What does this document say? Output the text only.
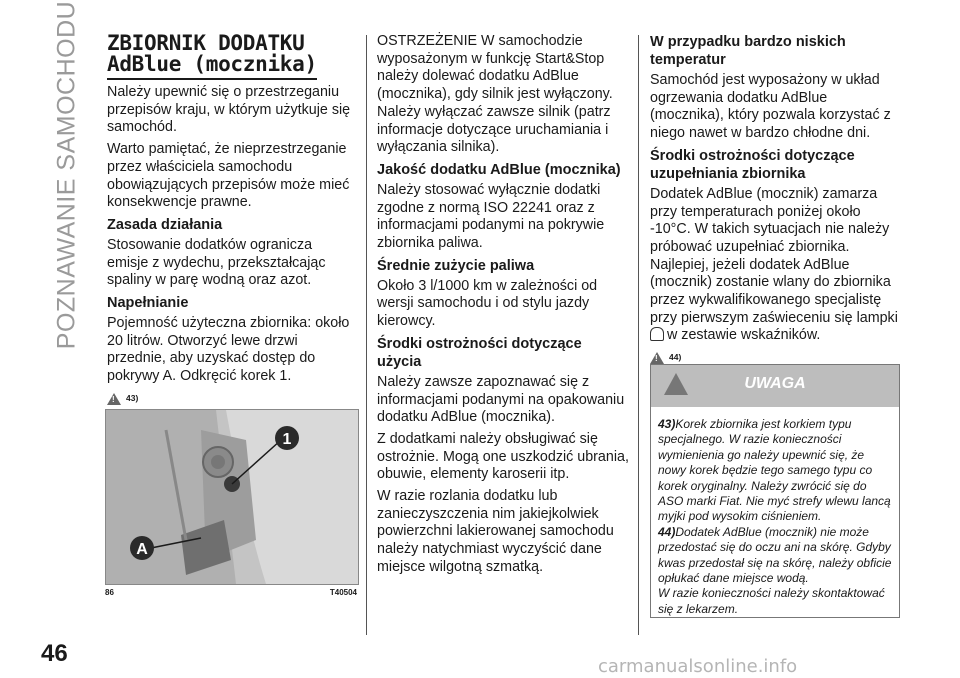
POZNAWANIE SAMOCHODU ZBIORNIK DODATKU
AdBlue (mocznika)

Należy upewnić się o przestrzeganiu przepisów kraju, w którym użytkuje się samochód.

Warto pamiętać, że nieprzestrzeganie przez właściciela samochodu obowiązujących przepisów może mieć konsekwencje prawne.

Zasada działania

Stosowanie dodatków ogranicza emisje z wydechu, przekształcając spaliny w parę wodną oraz azot.

Napełnianie

Pojemność użyteczna zbiornika: około 20 litrów. Otworzyć lewe drzwi przednie, aby uzyskać dostęp do pokrywy A. Odkręcić korek 1.

!
43)
!
1
A
86	T40504

OSTRZEŻENIE W samochodzie wyposażonym w funkcję Start&Stop należy dolewać dodatku AdBlue (mocznika), gdy silnik jest wyłączony. Należy wyłączać zawsze silnik (patrz informacje dotyczące uruchamiania i wyłączania silnika).

Jakość dodatku AdBlue (mocznika)

Należy stosować wyłącznie dodatki zgodne z normą ISO 22241 oraz z informacjami podanymi na pokrywie zbiornika paliwa.

Średnie zużycie paliwa

Około 3 l/1000 km w zależności od wersji samochodu i od stylu jazdy kierowcy.

Środki ostrożności dotyczące użycia

Należy zawsze zapoznawać się z informacjami podanymi na opakowaniu dodatku AdBlue (mocznika).

Z dodatkami należy obsługiwać się ostrożnie. Mogą one uszkodzić ubrania, obuwie, elementy karoserii itp.

W razie rozlania dodatku lub zanieczyszczenia nim jakiejkolwiek powierzchni lakierowanej samochodu należy natychmiast wyczyścić dane miejsce wilgotną szmatką.

W przypadku bardzo niskich temperatur

Samochód jest wyposażony w układ ogrzewania dodatku AdBlue (mocznika), który pozwala korzystać z niego nawet w bardzo chłodne dni.

Środki ostrożności dotyczące uzupełniania zbiornika

Dodatek AdBlue (mocznik) zamarza przy temperaturach poniżej około -10°C. W takich sytuacjach nie należy próbować uzupełniać zbiornika. Najlepiej, jeżeli dodatek AdBlue (mocznik) zostanie wlany do zbiornika przez wykwalifikowanego specjalistę przy pierwszym zaświeceniu się lampki
w zestawie wskaźników.

!
44)
UWAGA
43)Korek zbiornika jest korkiem typu specjalnego. W razie konieczności wymienienia go należy upewnić się, że nowy korek będzie tego samego typu co korek oryginalny. Należy zwrócić się do ASO marki Fiat. Nie myć strefy wlewu lancą myjki pod wysokim ciśnieniem.
44)Dodatek AdBlue (mocznik) nie może przedostać się do oczu ani na skórę. Gdyby kwas przedostał się na skórę, należy obficie opłukać dane miejsce wodą.
W razie konieczności należy skontaktować się z lekarzem.
46	carmanualsonline.info
